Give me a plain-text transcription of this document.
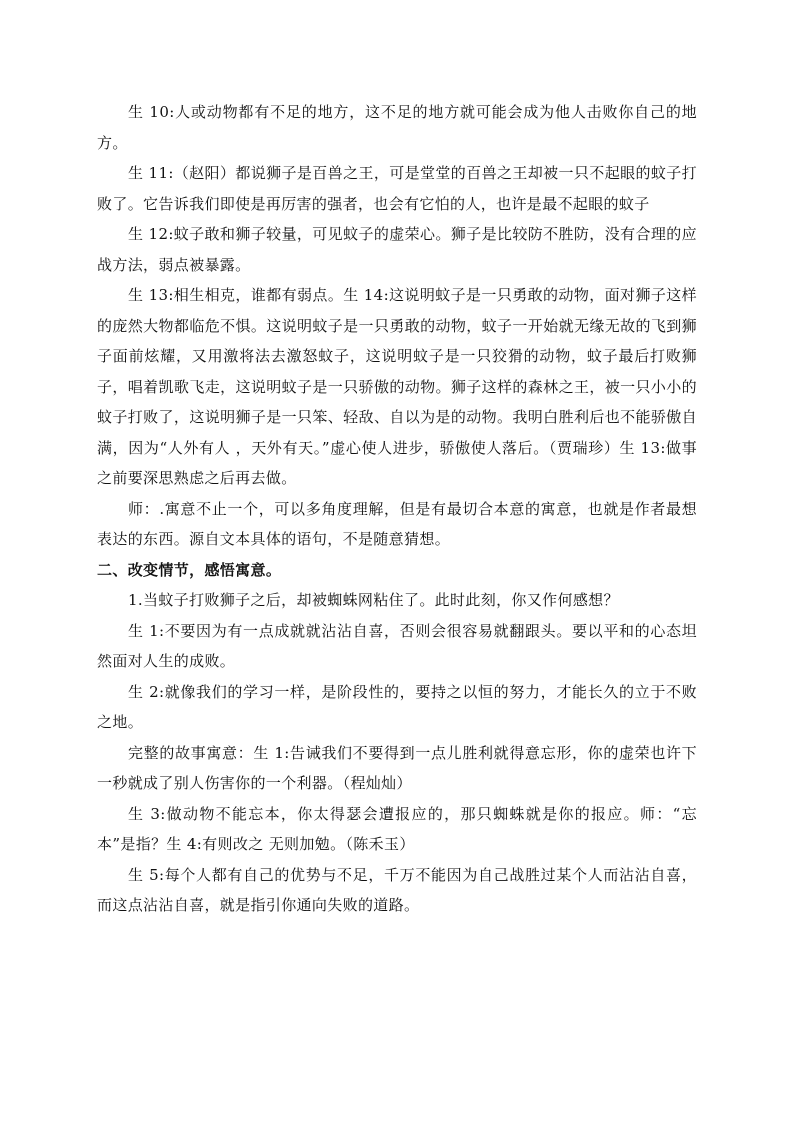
生 10:人或动物都有不足的地方，这不足的地方就可能会成为他人击败你自己的地方。

生 11:（赵阳）都说狮子是百兽之王，可是堂堂的百兽之王却被一只不起眼的蚊子打败了。它告诉我们即使是再厉害的强者，也会有它怕的人，也许是最不起眼的蚊子

生 12:蚊子敢和狮子较量，可见蚊子的虚荣心。狮子是比较防不胜防，没有合理的应战方法，弱点被暴露。

生 13:相生相克，谁都有弱点。生 14:这说明蚊子是一只勇敢的动物，面对狮子这样的庞然大物都临危不惧。这说明蚊子是一只勇敢的动物，蚊子一开始就无缘无故的飞到狮子面前炫耀，又用激将法去激怒蚊子，这说明蚊子是一只狡猾的动物，蚊子最后打败狮子，唱着凯歌飞走，这说明蚊子是一只骄傲的动物。狮子这样的森林之王，被一只小小的蚊子打败了，这说明狮子是一只笨、轻敌、自以为是的动物。我明白胜利后也不能骄傲自满，因为“人外有人 ，天外有天。”虚心使人进步，骄傲使人落后。（贾瑞珍）生 13:做事之前要深思熟虑之后再去做。

师：.寓意不止一个，可以多角度理解，但是有最切合本意的寓意，也就是作者最想表达的东西。源自文本具体的语句，不是随意猜想。

二、改变情节，感悟寓意。

1.当蚊子打败狮子之后，却被蜘蛛网粘住了。此时此刻，你又作何感想？

生 1:不要因为有一点成就就沾沾自喜，否则会很容易就翻跟头。要以平和的心态坦然面对人生的成败。

生 2:就像我们的学习一样，是阶段性的，要持之以恒的努力，才能长久的立于不败之地。

完整的故事寓意：生 1:告诫我们不要得到一点儿胜利就得意忘形，你的虚荣也许下一秒就成了别人伤害你的一个利器。（程灿灿）

生 3:做动物不能忘本，你太得瑟会遭报应的，那只蜘蛛就是你的报应。师：“忘本”是指？生 4:有则改之 无则加勉。（陈禾玉）

生 5:每个人都有自己的优势与不足，千万不能因为自己战胜过某个人而沾沾自喜，而这点沾沾自喜，就是指引你通向失败的道路。
